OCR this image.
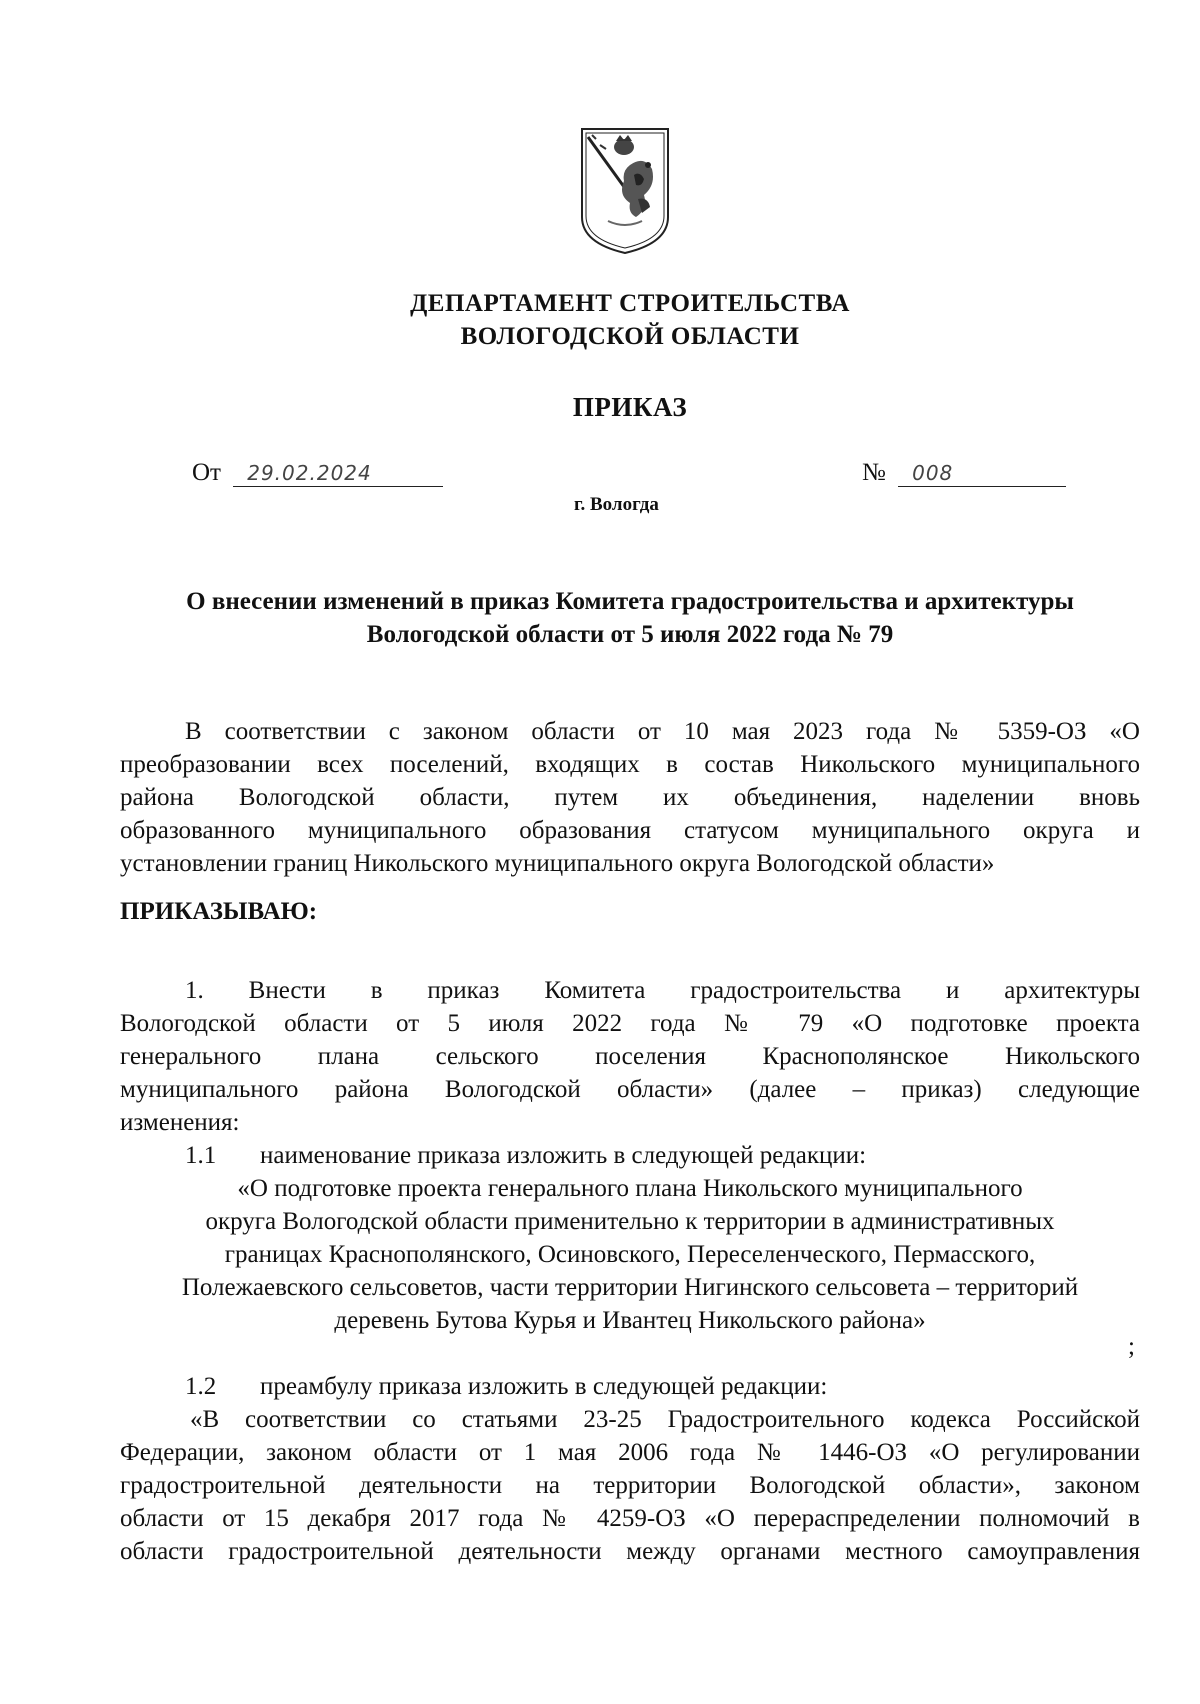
ДЕПАРТАМЕНТ СТРОИТЕЛЬСТВА
ВОЛОГОДСКОЙ ОБЛАСТИ
ПРИКАЗ
От 29.02.2024	№ 008
г. Вологда
О внесении изменений в приказ Комитета градостроительства и архитектуры
Вологодской области от 5 июля 2022 года № 79
В соответствии с законом области от 10 мая 2023 года № 5359-ОЗ «О
преобразовании всех поселений, входящих в состав Никольского муниципального
района Вологодской области, путем их объединения, наделении вновь
образованного муниципального образования статусом муниципального округа и
установлении границ Никольского муниципального округа Вологодской области»
ПРИКАЗЫВАЮ:
1. Внести в приказ Комитета градостроительства и архитектуры
Вологодской области от 5 июля 2022 года № 79 «О подготовке проекта
генерального плана сельского поселения Краснополянское Никольского
муниципального района Вологодской области» (далее – приказ) следующие
изменения:
1.1 наименование приказа изложить в следующей редакции:
«О подготовке проекта генерального плана Никольского муниципального
округа Вологодской области применительно к территории в административных
границах Краснополянского, Осиновского, Переселенческого, Пермасского,
Полежаевского сельсоветов, части территории Нигинского сельсовета – территорий
деревень Бутова Курья и Ивантец Никольского района»
;
1.2 преамбулу приказа изложить в следующей редакции:
«В соответствии со статьями 23-25 Градостроительного кодекса Российской
Федерации, законом области от 1 мая 2006 года № 1446-ОЗ «О регулировании
градостроительной деятельности на территории Вологодской области», законом
области от 15 декабря 2017 года № 4259-ОЗ «О перераспределении полномочий в
области градостроительной деятельности между органами местного самоуправления
